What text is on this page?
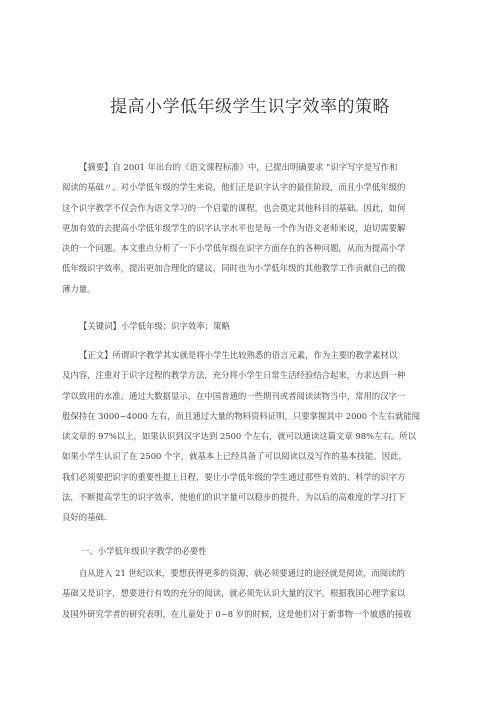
提高小学低年级学生识字效率的策略

【摘要】自 2001 年出台的《语文课程标准》中，已提出明确要求 “识字写字是写作和
阅读的基础〃。对小学低年级的学生来说，他们正是识字认字的最佳阶段，而且小学低年级的
这个识字教学不仅会作为语文学习的一个启蒙的课程，也会奠定其他科目的基础。因此，如何
更加有效的去提高小学低年级学生的识字认字水平也是每一个作为语文老师来说，迫切需要解
决的一个问题。本文重点分析了一下小学低年级在识字方面存在的各种问题，从而为提高小学
低年级识字效率，提出更加合理化的建议，同时也为小学低年级的其他教学工作贡献自己的微
薄力量。

【关键词】小学低年级；识字效率；策略

【正文】所谓识字教学其实就是将小学生比较熟悉的语言元素，作为主要的教学素材以
及内容，注重对于识字过程的教学方法，充分将小学生日常生活经验结合起来，力求达到一种
学以致用的水准。通过大数据显示，在中国普通的一些期刊或者阅读读物当中，常用的汉字一
般保持在 3000~4000 左右，而且通过大量的物料资料证明，只要掌握其中 2000 个左右就能阅
读文章的 97%以上，如果认识到汉字达到 2500 个左右，就可以通读这篇文章 98%左右。所以
如果小学生认识了在 2500 个字，就基本上已经具备了可以阅读以及写作的基本技能。因此，
我们必须要把识字的重要性提上日程，要让小学低年级的学生通过那些有效的、科学的识字方
法，不断提高学生的识字效率，使他们的识字量可以稳步的提升，为以后的高难度的学习打下
良好的基础.

一、小学低年级识字教学的必要性

自从进入 21 世纪以来，要想获得更多的资源，就必须要通过的途径就是阅读，而阅读的
基础又是识字，想要进行有效的充分的阅读，就必须先认识大量的汉字。根据我国心理学家以
及国外研究学者的研究表明，在儿童处于 0~8 岁的时候，这是他们对于新事物一个敏感的接收
